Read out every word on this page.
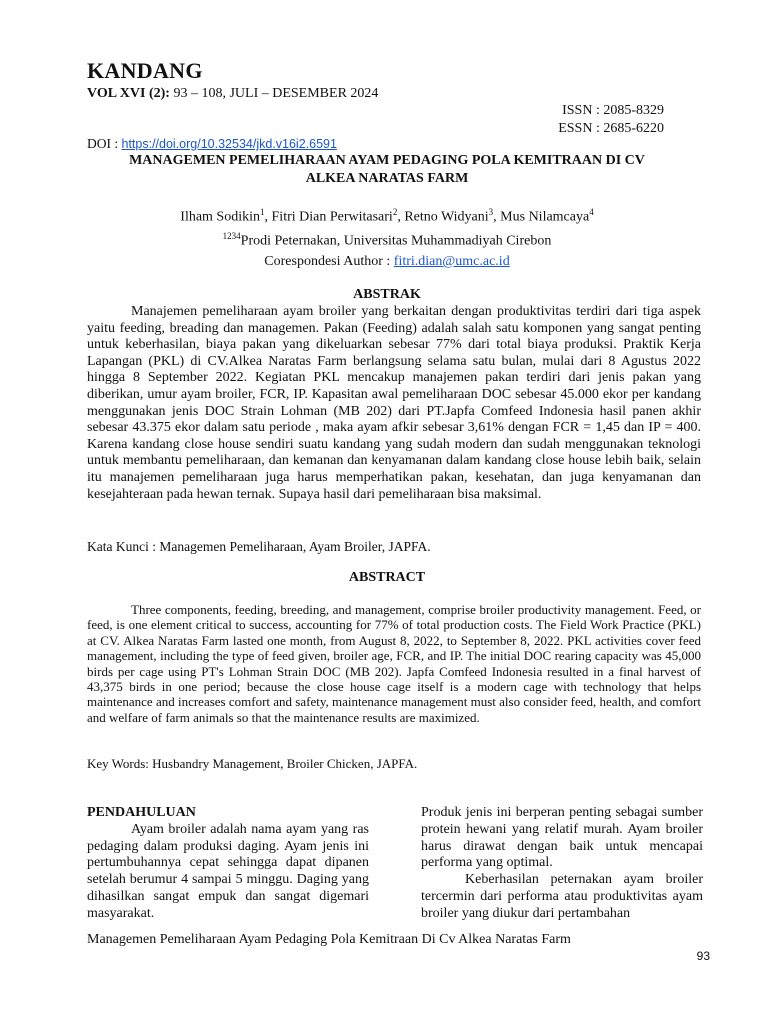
KANDANG
VOL XVI (2): 93 – 108, JULI – DESEMBER 2024
ISSN : 2085-8329
ESSN : 2685-6220
DOI : https://doi.org/10.32534/jkd.v16i2.6591
MANAGEMEN PEMELIHARAAN AYAM PEDAGING POLA KEMITRAAN DI CV
ALKEA NARATAS FARM
Ilham Sodikin$^1$, Fitri Dian Perwitasari$^2$, Retno Widyani$^3$, Mus Nilamcaya$^4$
$^{1234}$Prodi Peternakan, Universitas Muhammadiyah Cirebon
Corespondesi Author : fitri.dian@umc.ac.id
ABSTRAK
Manajemen pemeliharaan ayam broiler yang berkaitan dengan produktivitas terdiri dari tiga aspek yaitu feeding, breading dan managemen. Pakan (Feeding) adalah salah satu komponen yang sangat penting untuk keberhasilan, biaya pakan yang dikeluarkan sebesar 77% dari total biaya produksi. Praktik Kerja Lapangan (PKL) di CV.Alkea Naratas Farm berlangsung selama satu bulan, mulai dari 8 Agustus 2022 hingga 8 September 2022. Kegiatan PKL mencakup manajemen pakan terdiri dari jenis pakan yang diberikan, umur ayam broiler, FCR, IP. Kapasitan awal pemeliharaan DOC sebesar 45.000 ekor per kandang menggunakan jenis DOC Strain Lohman (MB 202) dari PT.Japfa Comfeed Indonesia hasil panen akhir sebesar 43.375 ekor dalam satu periode , maka ayam afkir sebesar 3,61% dengan FCR = 1,45 dan IP = 400. Karena kandang close house sendiri suatu kandang yang sudah modern dan sudah menggunakan teknologi untuk membantu pemeliharaan, dan kemanan dan kenyamanan dalam kandang close house lebih baik, selain itu manajemen pemeliharaan juga harus memperhatikan pakan, kesehatan, dan juga kenyamanan dan kesejahteraan pada hewan ternak. Supaya hasil dari pemeliharaan bisa maksimal.
Kata Kunci : Managemen Pemeliharaan, Ayam Broiler, JAPFA.
ABSTRACT
Three components, feeding, breeding, and management, comprise broiler productivity management. Feed, or feed, is one element critical to success, accounting for 77% of total production costs. The Field Work Practice (PKL) at CV. Alkea Naratas Farm lasted one month, from August 8, 2022, to September 8, 2022. PKL activities cover feed management, including the type of feed given, broiler age, FCR, and IP. The initial DOC rearing capacity was 45,000 birds per cage using PT's Lohman Strain DOC (MB 202). Japfa Comfeed Indonesia resulted in a final harvest of 43,375 birds in one period; because the close house cage itself is a modern cage with technology that helps maintenance and increases comfort and safety, maintenance management must also consider feed, health, and comfort and welfare of farm animals so that the maintenance results are maximized.
Key Words: Husbandry Management, Broiler Chicken, JAPFA.
PENDAHULUAN

Ayam broiler adalah nama ayam yang ras pedaging dalam produksi daging. Ayam jenis ini pertumbuhannya cepat sehingga dapat dipanen setelah berumur 4 sampai 5 minggu. Daging yang dihasilkan sangat empuk dan sangat digemari masyarakat.

Produk jenis ini berperan penting sebagai sumber protein hewani yang relatif murah. Ayam broiler harus dirawat dengan baik untuk mencapai performa yang optimal.

Keberhasilan peternakan ayam broiler tercermin dari performa atau produktivitas ayam broiler yang diukur dari pertambahan

Managemen Pemeliharaan Ayam Pedaging Pola Kemitraan Di Cv Alkea Naratas Farm
93
